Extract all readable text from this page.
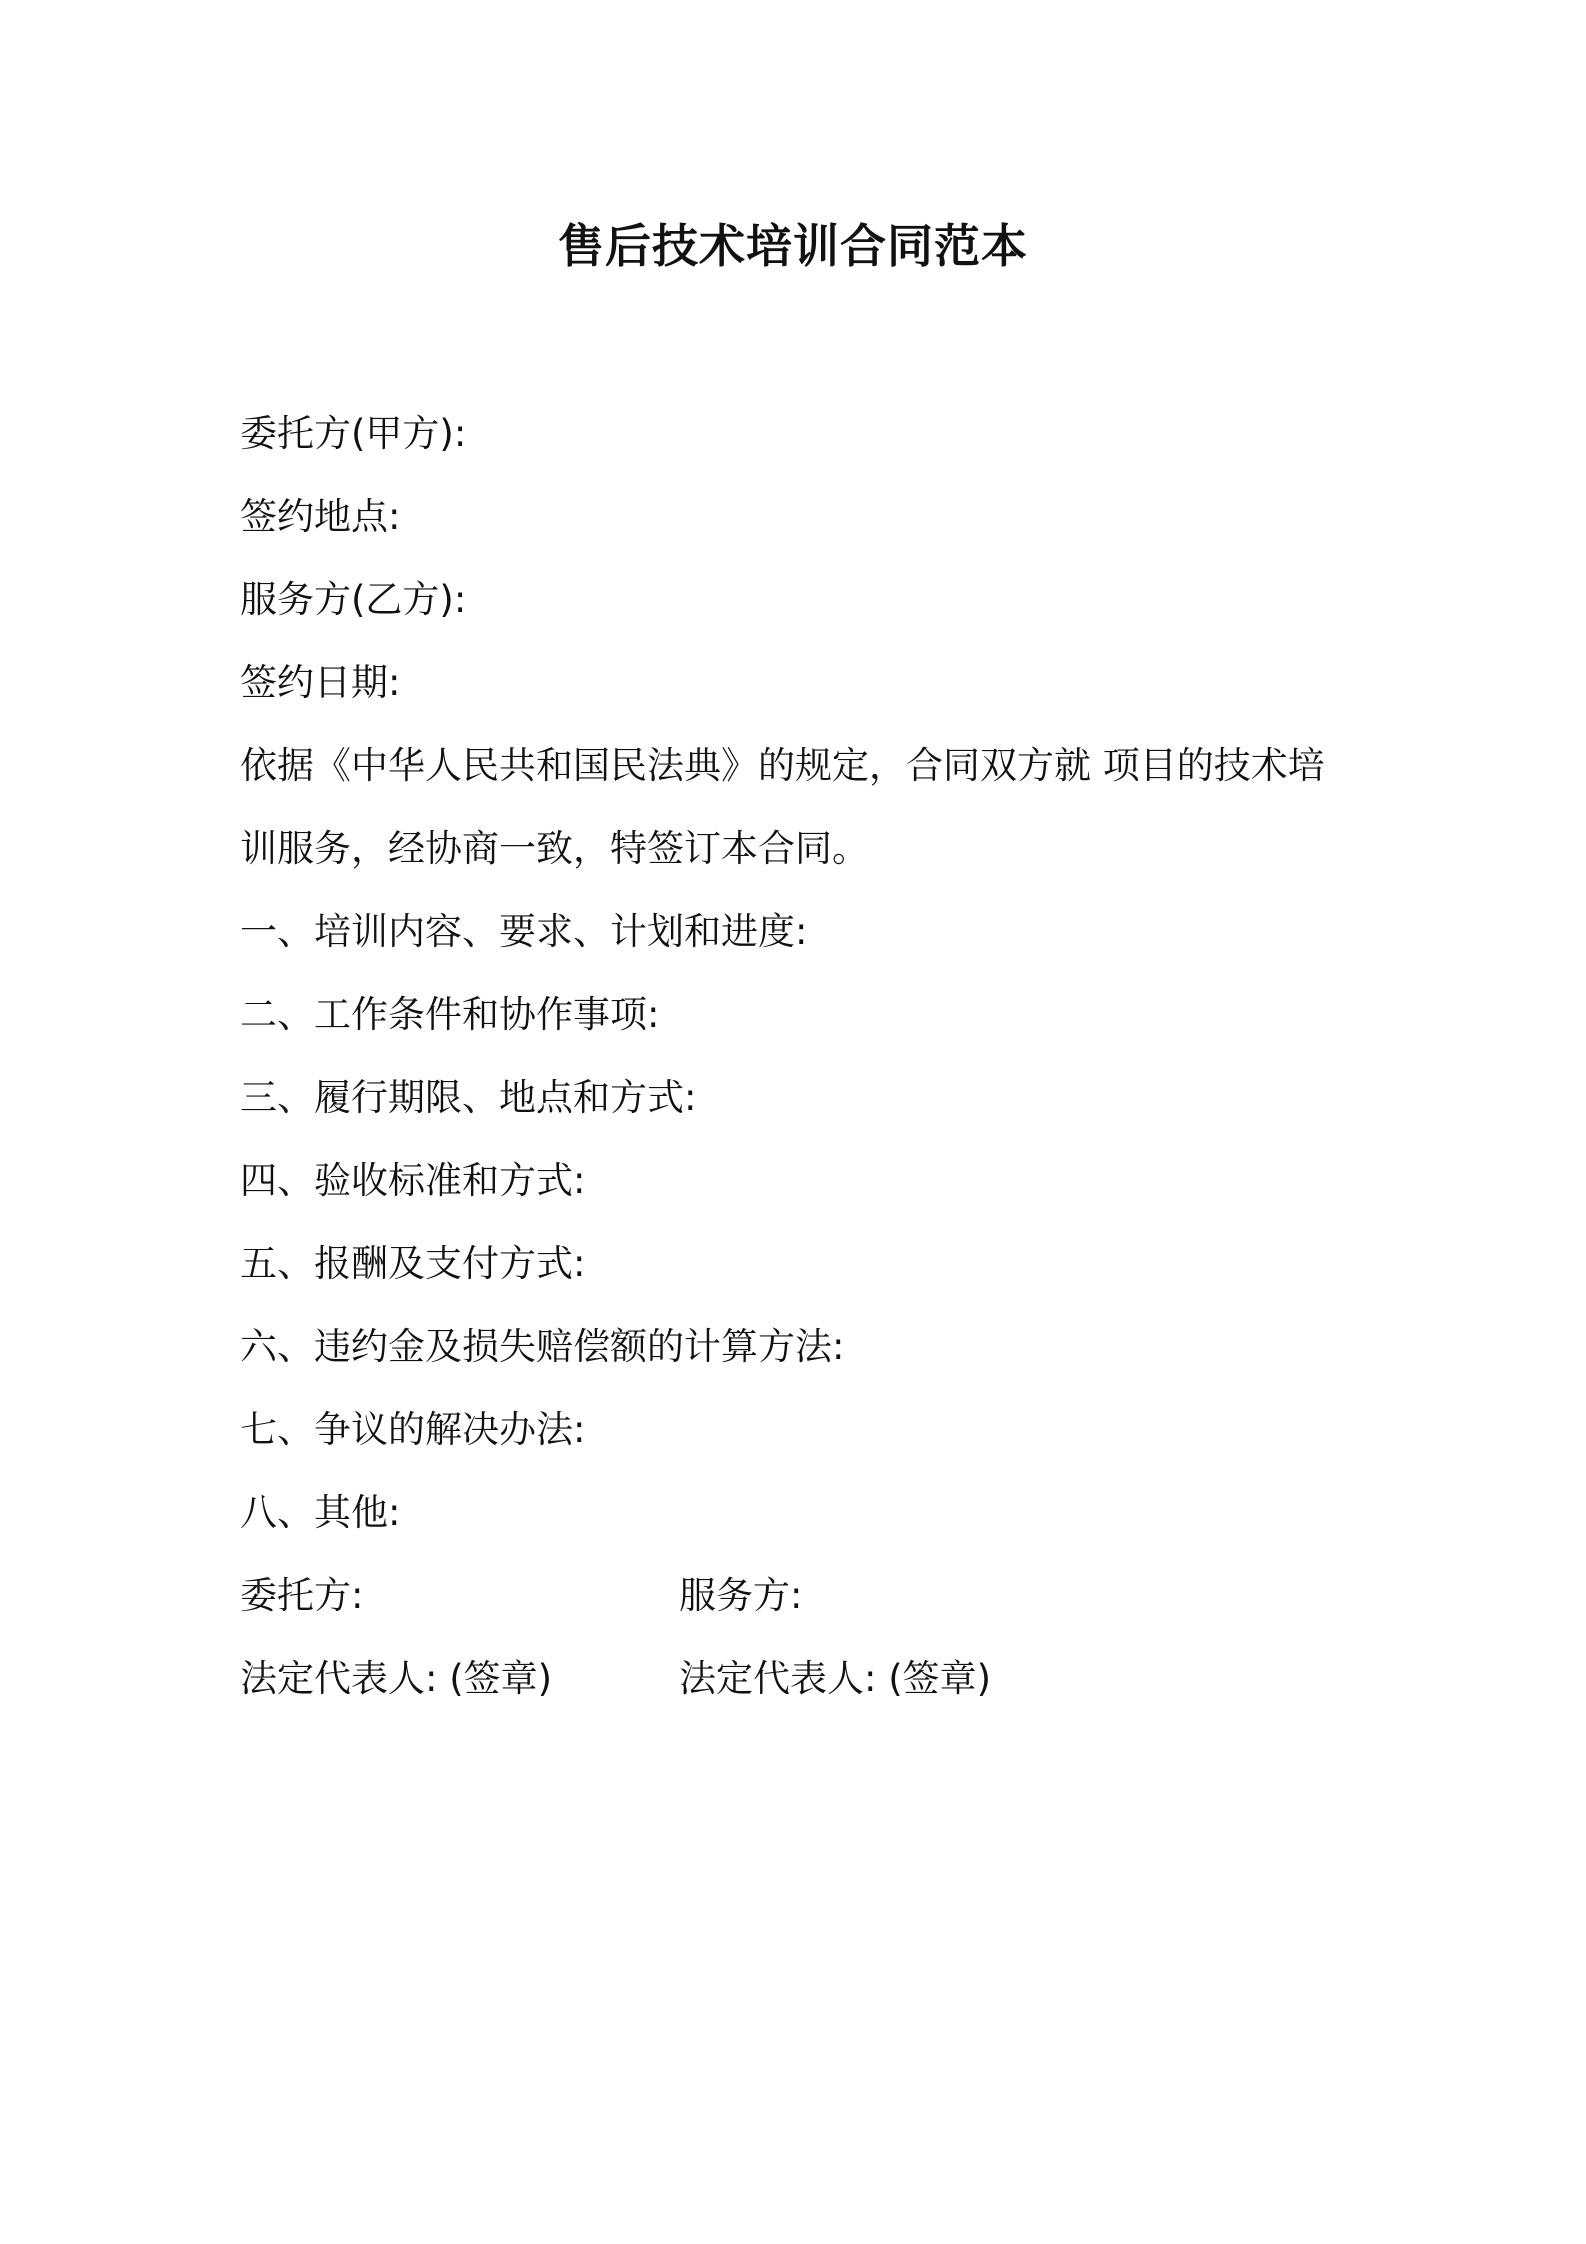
售后技术培训合同范本
委托方(甲方):
签约地点:
服务方(乙方):
签约日期:
依据《中华人民共和国民法典》的规定，合同双方就 项目的技术培
训服务，经协商一致，特签订本合同。
一、培训内容、要求、计划和进度:
二、工作条件和协作事项:
三、履行期限、地点和方式:
四、验收标准和方式:
五、报酬及支付方式:
六、违约金及损失赔偿额的计算方法:
七、争议的解决办法:
八、其他:
委托方:	服务方:
法定代表人: (签章)	法定代表人: (签章)
